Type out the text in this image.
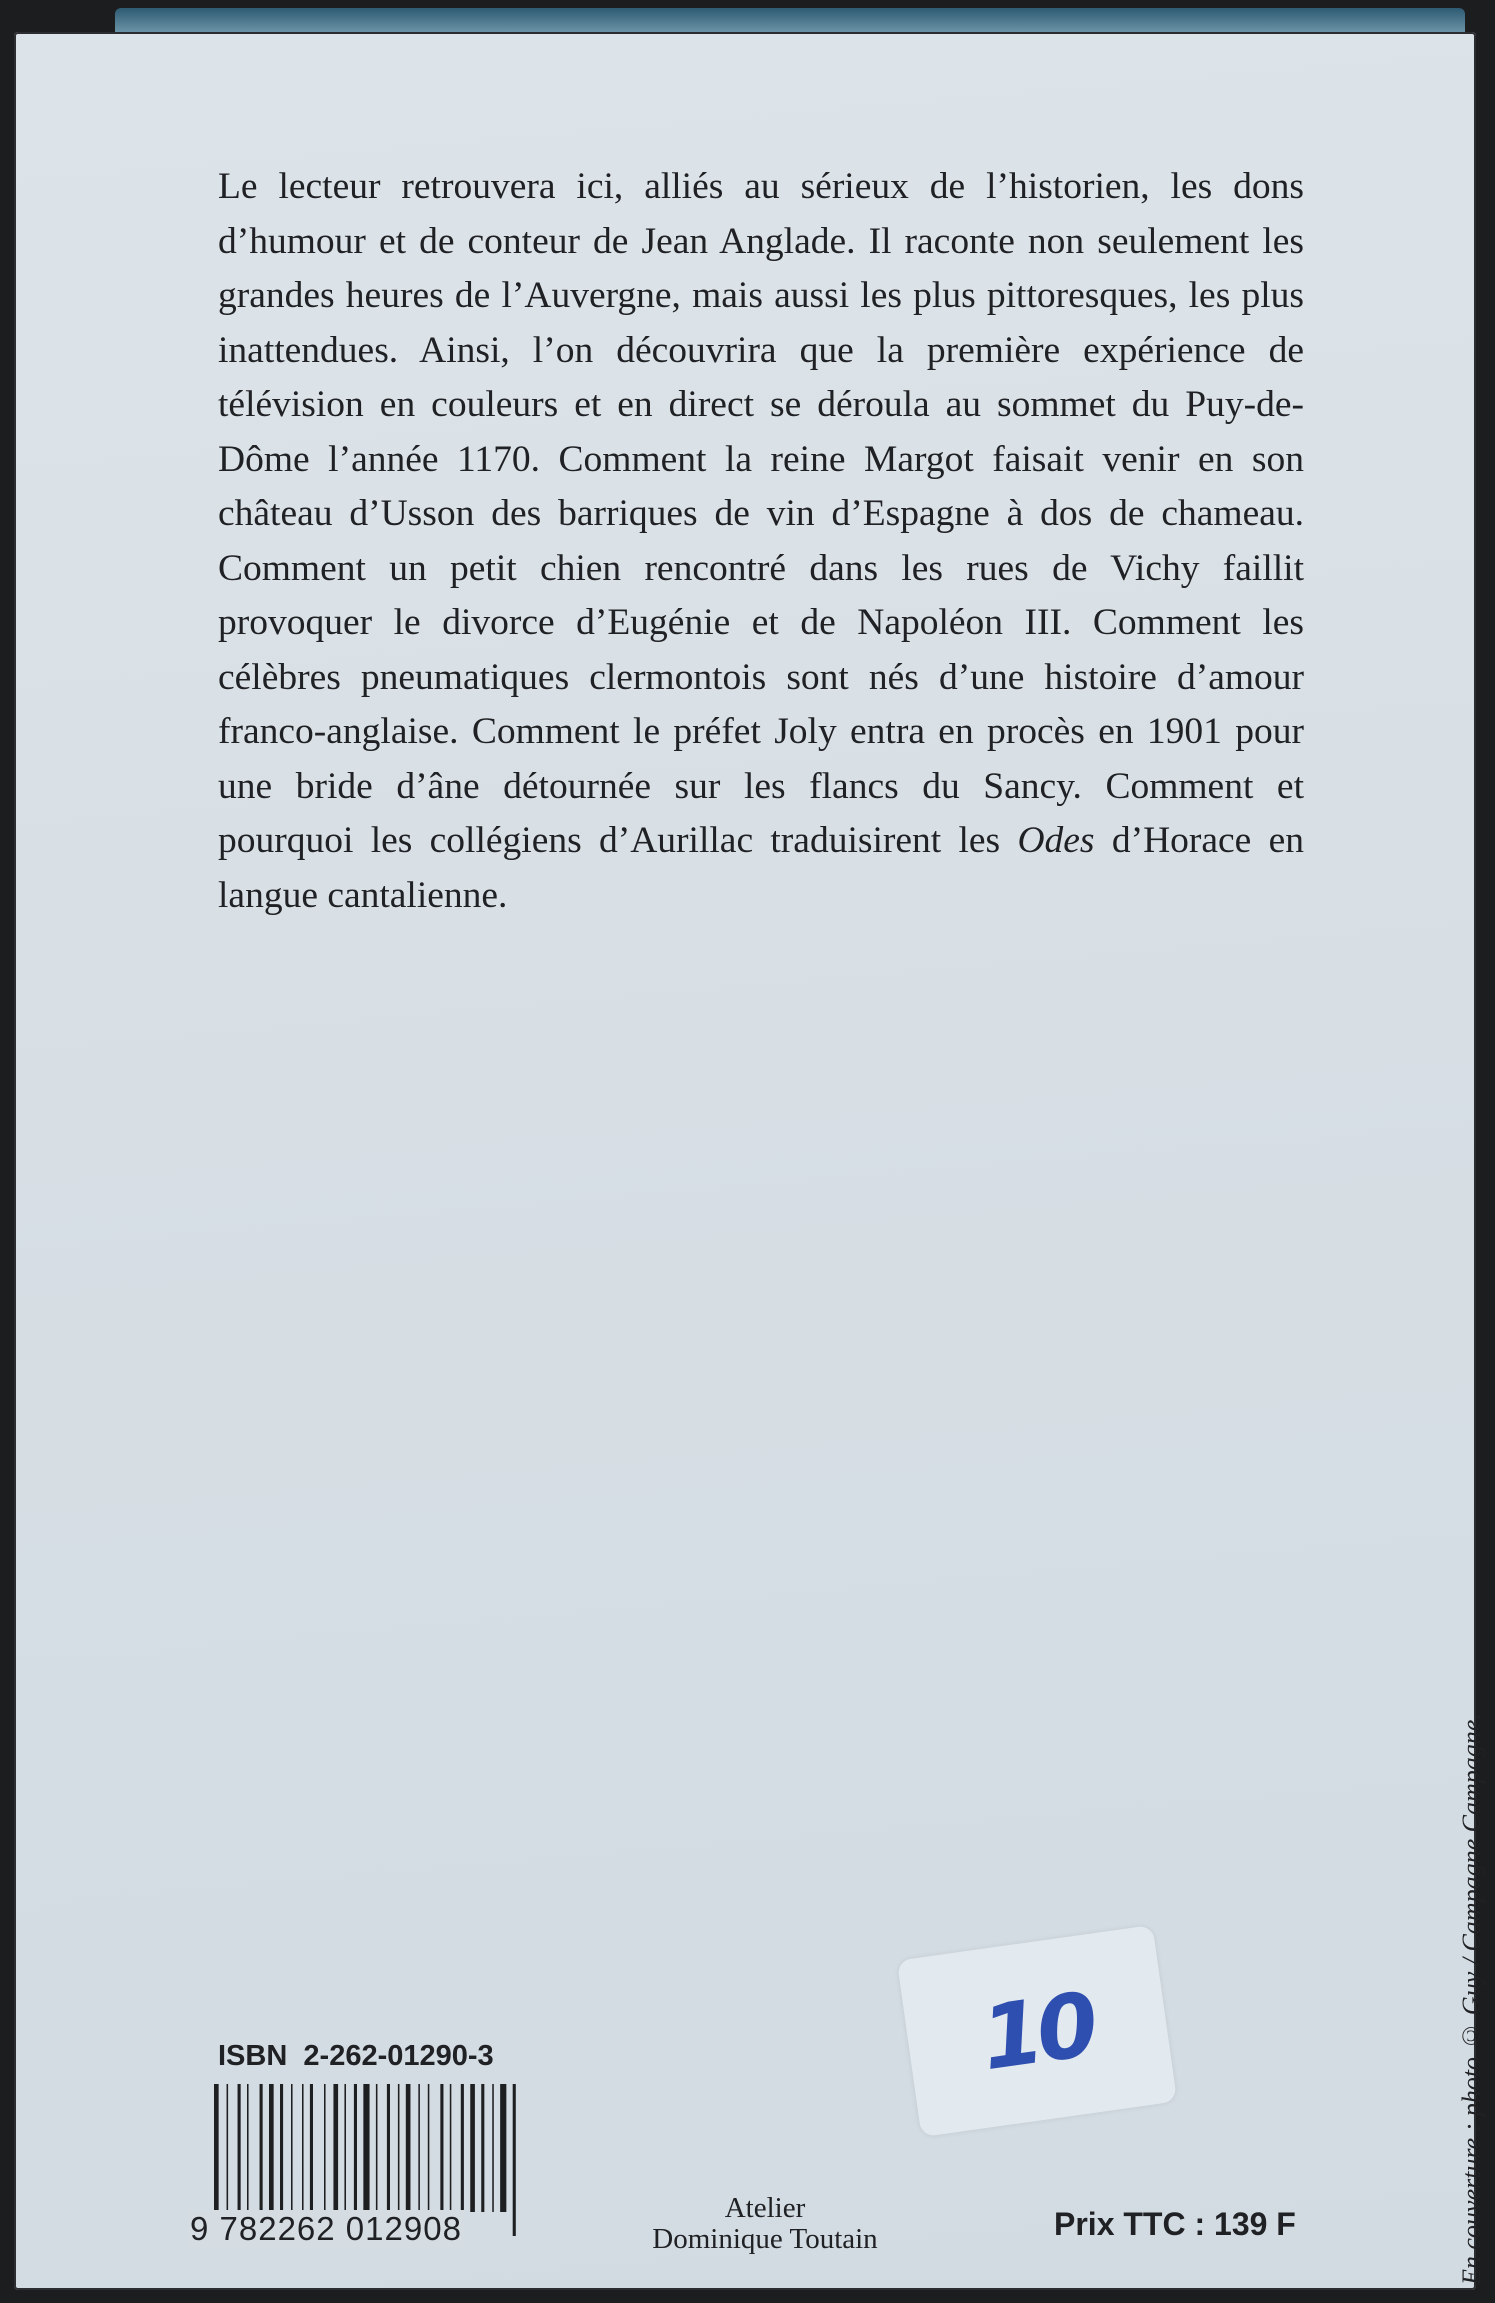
Le lecteur retrouvera ici, alliés au sérieux de l’historien, les dons d’humour et de conteur de Jean Anglade. Il raconte non seulement les grandes heures de l’Auvergne, mais aussi les plus pittoresques, les plus inattendues. Ainsi, l’on découvrira que la première expérience de télévision en couleurs et en direct se déroula au sommet du Puy-de-Dôme l’année 1170. Comment la reine Margot faisait venir en son château d’Usson des barriques de vin d’Espagne à dos de chameau. Comment un petit chien rencontré dans les rues de Vichy faillit provoquer le divorce d’Eugénie et de Napoléon III. Comment les célèbres pneumatiques clermontois sont nés d’une histoire d’amour franco-anglaise. Comment le préfet Joly entra en procès en 1901 pour une bride d’âne détournée sur les flancs du Sancy. Comment et pourquoi les collégiens d’Aurillac traduisirent les Odes d’Horace en langue cantalienne.

En couverture : photo © Guy / Campagne Campagne.
10
ISBN 2-262-01290-3
9 782262 012908
Atelier
Dominique Toutain	Prix TTC : 139 F
